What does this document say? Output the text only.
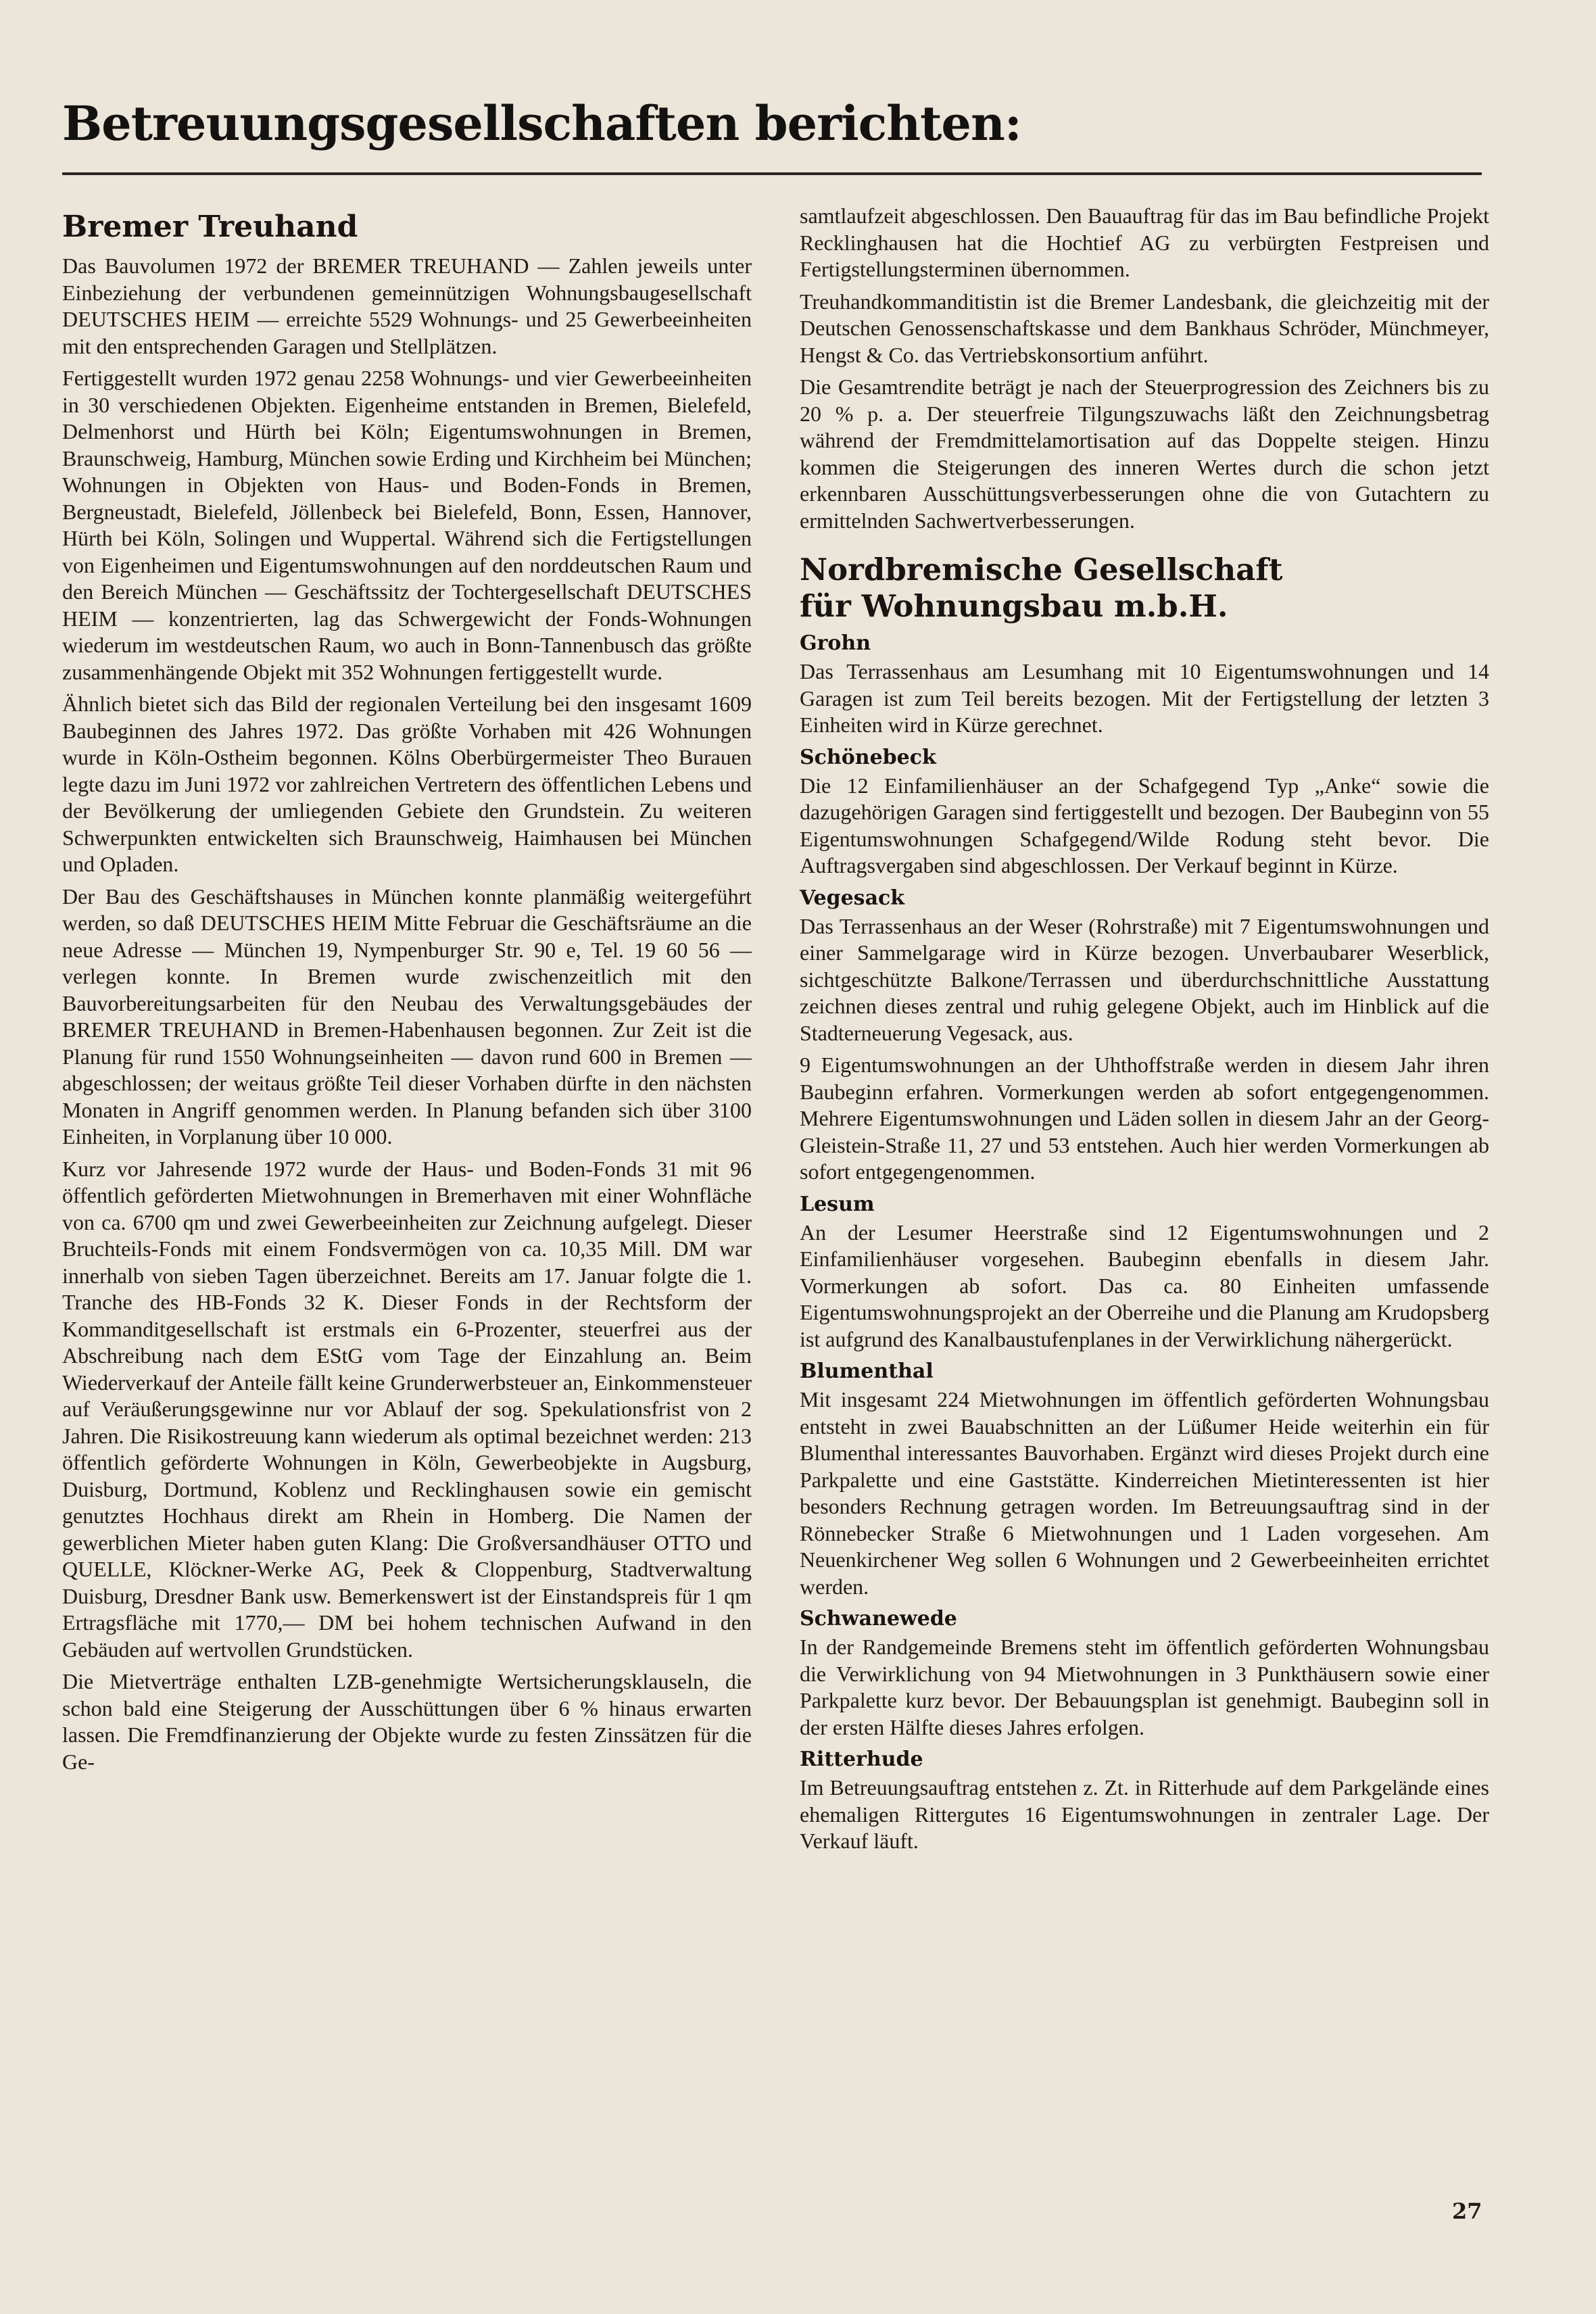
Betreuungsgesellschaften berichten:
Bremer Treuhand

Das Bauvolumen 1972 der BREMER TREUHAND — Zahlen jeweils unter Einbeziehung der verbundenen gemeinnützigen Wohnungsbaugesellschaft DEUTSCHES HEIM — erreichte 5529 Wohnungs- und 25 Gewerbeeinheiten mit den entsprechenden Garagen und Stellplätzen.

Fertiggestellt wurden 1972 genau 2258 Wohnungs- und vier Gewerbeeinheiten in 30 verschiedenen Objekten. Eigenheime entstanden in Bremen, Bielefeld, Delmenhorst und Hürth bei Köln; Eigentumswohnungen in Bremen, Braunschweig, Hamburg, München sowie Erding und Kirchheim bei München; Wohnungen in Objekten von Haus- und Boden-Fonds in Bremen, Bergneustadt, Bielefeld, Jöllenbeck bei Bielefeld, Bonn, Essen, Hannover, Hürth bei Köln, Solingen und Wuppertal. Während sich die Fertigstellungen von Eigenheimen und Eigentumswohnungen auf den norddeutschen Raum und den Bereich München — Geschäftssitz der Tochtergesellschaft DEUTSCHES HEIM — konzentrierten, lag das Schwergewicht der Fonds-Wohnungen wiederum im westdeutschen Raum, wo auch in Bonn-Tannenbusch das größte zusammenhängende Objekt mit 352 Wohnungen fertiggestellt wurde.

Ähnlich bietet sich das Bild der regionalen Verteilung bei den insgesamt 1609 Baubeginnen des Jahres 1972. Das größte Vorhaben mit 426 Wohnungen wurde in Köln-Ostheim begonnen. Kölns Oberbürgermeister Theo Burauen legte dazu im Juni 1972 vor zahlreichen Vertretern des öffentlichen Lebens und der Bevölkerung der umliegenden Gebiete den Grundstein. Zu weiteren Schwerpunkten entwickelten sich Braunschweig, Haimhausen bei München und Opladen.

Der Bau des Geschäftshauses in München konnte planmäßig weitergeführt werden, so daß DEUTSCHES HEIM Mitte Februar die Geschäftsräume an die neue Adresse — München 19, Nympenburger Str. 90 e, Tel. 19 60 56 — verlegen konnte. In Bremen wurde zwischenzeitlich mit den Bauvorbereitungsarbeiten für den Neubau des Verwaltungsgebäudes der BREMER TREUHAND in Bremen-Habenhausen begonnen. Zur Zeit ist die Planung für rund 1550 Wohnungseinheiten — davon rund 600 in Bremen — abgeschlossen; der weitaus größte Teil dieser Vorhaben dürfte in den nächsten Monaten in Angriff genommen werden. In Planung befanden sich über 3100 Einheiten, in Vorplanung über 10 000.

Kurz vor Jahresende 1972 wurde der Haus- und Boden-Fonds 31 mit 96 öffentlich geförderten Mietwohnungen in Bremerhaven mit einer Wohnfläche von ca. 6700 qm und zwei Gewerbeeinheiten zur Zeichnung aufgelegt. Dieser Bruchteils-Fonds mit einem Fondsvermögen von ca. 10,35 Mill. DM war innerhalb von sieben Tagen überzeichnet. Bereits am 17. Januar folgte die 1. Tranche des HB-Fonds 32 K. Dieser Fonds in der Rechtsform der Kommanditgesellschaft ist erstmals ein 6-Prozenter, steuerfrei aus der Abschreibung nach dem EStG vom Tage der Einzahlung an. Beim Wiederverkauf der Anteile fällt keine Grunderwerbsteuer an, Einkommensteuer auf Veräußerungsgewinne nur vor Ablauf der sog. Spekulationsfrist von 2 Jahren. Die Risikostreuung kann wiederum als optimal bezeichnet werden: 213 öffentlich geförderte Wohnungen in Köln, Gewerbeobjekte in Augsburg, Duisburg, Dortmund, Koblenz und Recklinghausen sowie ein gemischt genutztes Hochhaus direkt am Rhein in Homberg. Die Namen der gewerblichen Mieter haben guten Klang: Die Großversandhäuser OTTO und QUELLE, Klöckner-Werke AG, Peek & Cloppenburg, Stadtverwaltung Duisburg, Dresdner Bank usw. Bemerkenswert ist der Einstandspreis für 1 qm Ertragsfläche mit 1770,— DM bei hohem technischen Aufwand in den Gebäuden auf wertvollen Grundstücken.

Die Mietverträge enthalten LZB-genehmigte Wertsicherungsklauseln, die schon bald eine Steigerung der Ausschüttungen über 6 % hinaus erwarten lassen. Die Fremdfinanzierung der Objekte wurde zu festen Zinssätzen für die Ge-

samtlaufzeit abgeschlossen. Den Bauauftrag für das im Bau befindliche Projekt Recklinghausen hat die Hochtief AG zu verbürgten Festpreisen und Fertigstellungsterminen übernommen.

Treuhandkommanditistin ist die Bremer Landesbank, die gleichzeitig mit der Deutschen Genossenschaftskasse und dem Bankhaus Schröder, Münchmeyer, Hengst & Co. das Vertriebskonsortium anführt.

Die Gesamtrendite beträgt je nach der Steuerprogression des Zeichners bis zu 20 % p. a. Der steuerfreie Tilgungszuwachs läßt den Zeichnungsbetrag während der Fremdmittelamortisation auf das Doppelte steigen. Hinzu kommen die Steigerungen des inneren Wertes durch die schon jetzt erkennbaren Ausschüttungsverbesserungen ohne die von Gutachtern zu ermittelnden Sachwertverbesserungen.

Nordbremische Gesellschaft
für Wohnungsbau m.b.H.
Grohn

Das Terrassenhaus am Lesumhang mit 10 Eigentumswohnungen und 14 Garagen ist zum Teil bereits bezogen. Mit der Fertigstellung der letzten 3 Einheiten wird in Kürze gerechnet.

Schönebeck

Die 12 Einfamilienhäuser an der Schafgegend Typ „Anke“ sowie die dazugehörigen Garagen sind fertiggestellt und bezogen. Der Baubeginn von 55 Eigentumswohnungen Schafgegend/Wilde Rodung steht bevor. Die Auftragsvergaben sind abgeschlossen. Der Verkauf beginnt in Kürze.

Vegesack

Das Terrassenhaus an der Weser (Rohrstraße) mit 7 Eigentumswohnungen und einer Sammelgarage wird in Kürze bezogen. Unverbaubarer Weserblick, sichtgeschützte Balkone/Terrassen und überdurchschnittliche Ausstattung zeichnen dieses zentral und ruhig gelegene Objekt, auch im Hinblick auf die Stadterneuerung Vegesack, aus.

9 Eigentumswohnungen an der Uhthoffstraße werden in diesem Jahr ihren Baubeginn erfahren. Vormerkungen werden ab sofort entgegengenommen. Mehrere Eigentumswohnungen und Läden sollen in diesem Jahr an der Georg-Gleistein-Straße 11, 27 und 53 entstehen. Auch hier werden Vormerkungen ab sofort entgegengenommen.

Lesum

An der Lesumer Heerstraße sind 12 Eigentumswohnungen und 2 Einfamilienhäuser vorgesehen. Baubeginn ebenfalls in diesem Jahr. Vormerkungen ab sofort. Das ca. 80 Einheiten umfassende Eigentumswohnungsprojekt an der Oberreihe und die Planung am Krudopsberg ist aufgrund des Kanalbaustufenplanes in der Verwirklichung nähergerückt.

Blumenthal

Mit insgesamt 224 Mietwohnungen im öffentlich geförderten Wohnungsbau entsteht in zwei Bauabschnitten an der Lüßumer Heide weiterhin ein für Blumenthal interessantes Bauvorhaben. Ergänzt wird dieses Projekt durch eine Parkpalette und eine Gaststätte. Kinderreichen Mietinteressenten ist hier besonders Rechnung getragen worden. Im Betreuungsauftrag sind in der Rönnebecker Straße 6 Mietwohnungen und 1 Laden vorgesehen. Am Neuenkirchener Weg sollen 6 Wohnungen und 2 Gewerbeeinheiten errichtet werden.

Schwanewede

In der Randgemeinde Bremens steht im öffentlich geförderten Wohnungsbau die Verwirklichung von 94 Mietwohnungen in 3 Punkthäusern sowie einer Parkpalette kurz bevor. Der Bebauungsplan ist genehmigt. Baubeginn soll in der ersten Hälfte dieses Jahres erfolgen.

Ritterhude

Im Betreuungsauftrag entstehen z. Zt. in Ritterhude auf dem Parkgelände eines ehemaligen Rittergutes 16 Eigentumswohnungen in zentraler Lage. Der Verkauf läuft.

27
